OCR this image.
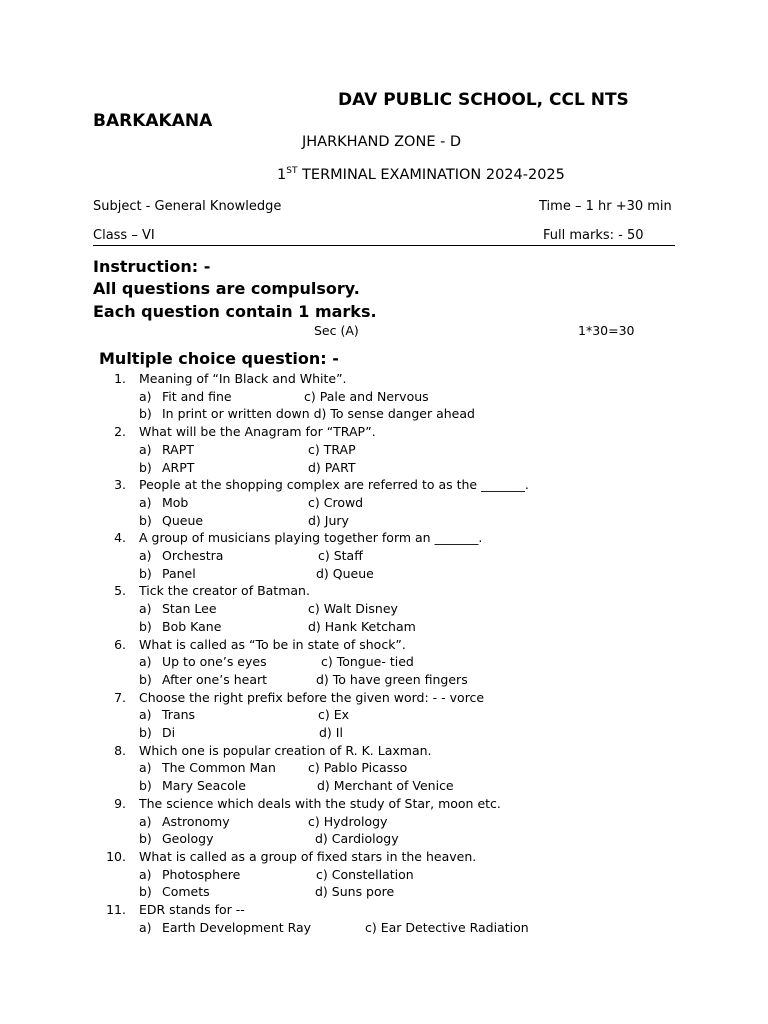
DAV PUBLIC SCHOOL, CCL NTS
BARKAKANA
JHARKHAND ZONE - D
1ST TERMINAL EXAMINATION 2024-2025
Subject - General Knowledge	Time – 1 hr +30 min
Class – VI	Full marks: - 50
Instruction: -
All questions are compulsory.
Each question contain 1 marks.
Sec (A)	1*30=30
Multiple choice question: -
1. Meaning of “In Black and White”.
a) Fit and fine	c) Pale and Nervous
b) In print or written down d) To sense danger ahead
2. What will be the Anagram for “TRAP”.
a) RAPT	c) TRAP
b) ARPT	d) PART
3. People at the shopping complex are referred to as the _______.
a) Mob	c) Crowd
b) Queue	d) Jury
4. A group of musicians playing together form an _______.
a) Orchestra	c) Staff
b) Panel	d) Queue
5. Tick the creator of Batman.
a) Stan Lee	c) Walt Disney
b) Bob Kane	d) Hank Ketcham
6. What is called as “To be in state of shock”.
a) Up to one’s eyes	c) Tongue- tied
b) After one’s heart	d) To have green fingers
7. Choose the right prefix before the given word: - - vorce
a) Trans	c) Ex
b) Di	d) Il
8. Which one is popular creation of R. K. Laxman.
a) The Common Man	c) Pablo Picasso
b) Mary Seacole	d) Merchant of Venice
9. The science which deals with the study of Star, moon etc.
a) Astronomy	c) Hydrology
b) Geology	d) Cardiology
10. What is called as a group of fixed stars in the heaven.
a) Photosphere	c) Constellation
b) Comets	d) Suns pore
11. EDR stands for --
a) Earth Development Ray	c) Ear Detective Radiation
